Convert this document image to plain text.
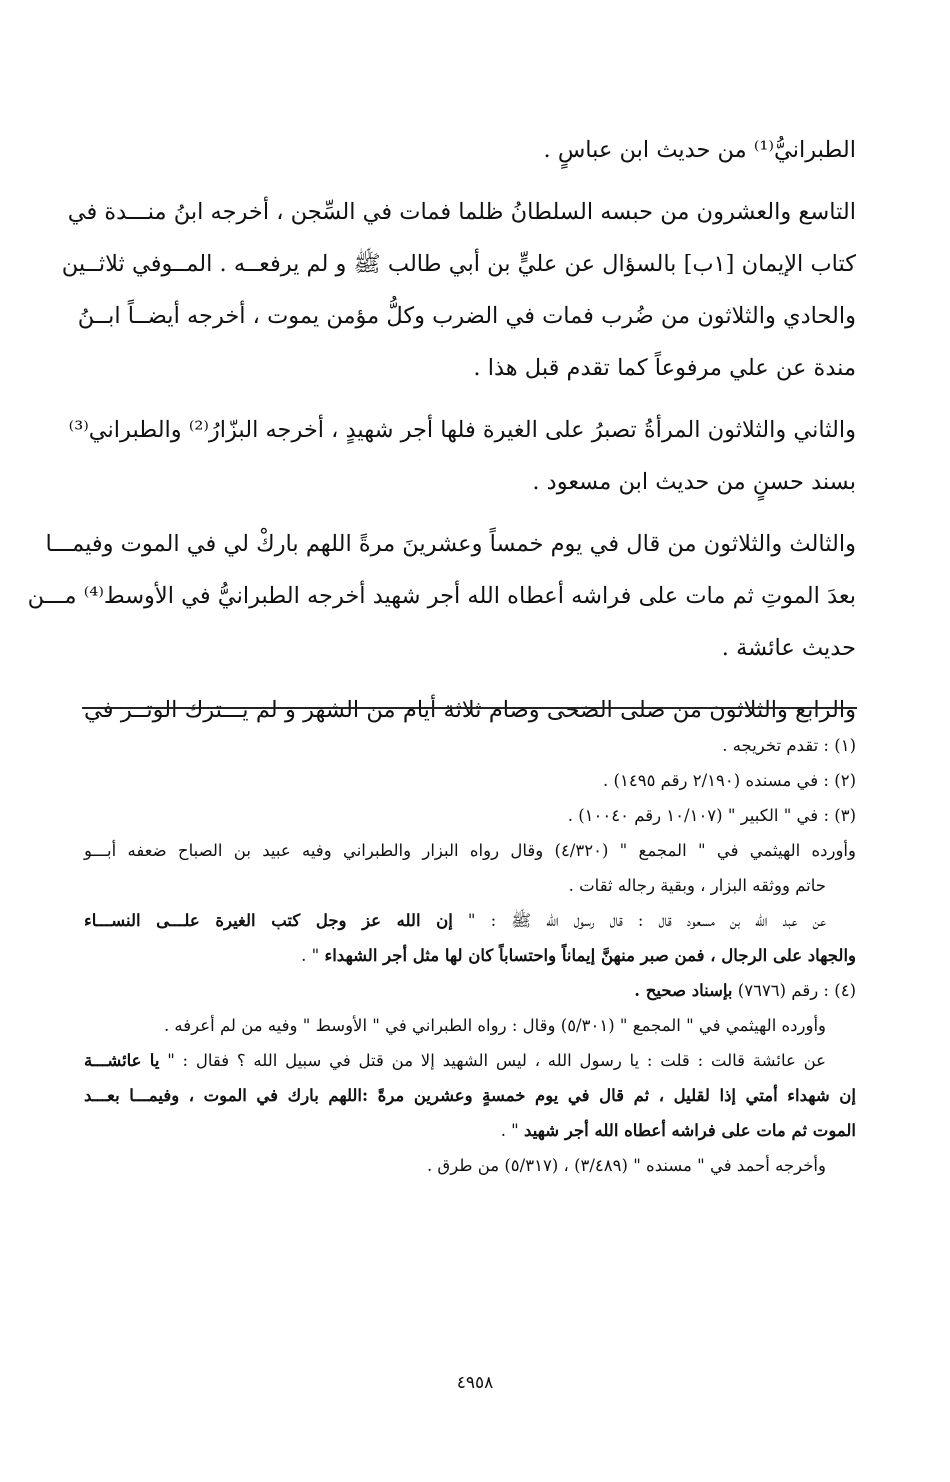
الطبرانيُّ⁽¹⁾ من حديث ابن عباسٍ .

التاسع والعشرون من حبسه السلطانُ ظلما فمات في السِّجن ، أخرجه ابنُ منـــدة في
كتاب الإيمان [١ب] بالسؤال عن عليٍّ بن أبي طالب ﷺ و لم يرفعــه . المــوفي ثلاثــين
والحادي والثلاثون من ضُرب فمات في الضرب وكلُّ مؤمن يموت ، أخرجه أيضــاً ابــنُ
مندة عن علي مرفوعاً كما تقدم قبل هذا .

والثاني والثلاثون المرأةُ تصبرُ على الغيرة فلها أجر شهيدٍ ، أخرجه البزّارُ⁽²⁾ والطبراني⁽³⁾
بسند حسنٍ من حديث ابن مسعود .

والثالث والثلاثون من قال في يوم خمساً وعشرينَ مرةً اللهم باركْ لي في الموت وفيمـــا
بعدَ الموتِ ثم مات على فراشه أعطاه الله أجر شهيد أخرجه الطبرانيُّ في الأوسط⁽⁴⁾ مـــن
حديث عائشة .

والرابع والثلاثون من صلى الضحى وصام ثلاثة أيام من الشهر و لم يـــترك الوتــر في

(١) : تقدم تخريجه .
(٢) : في مسنده (٢/١٩٠ رقم ١٤٩٥) .
(٣) : في " الكبير " (١٠/١٠٧ رقم ١٠٠٤٠) .
وأورده الهيثمي في " المجمع " (٤/٣٢٠) وقال رواه البزار والطبراني وفيه عبيد بن الصباح ضعفه أبـــو
حاتم ووثقه البزار ، وبقية رجاله ثقات .
عن عبد الله بن مسعود قال : قال رسول الله ﷺ : " إن الله عز وجل كتب الغيرة علـــى النســـاء
والجهاد على الرجال ، فمن صبر منهنَّ إيماناً واحتساباً كان لها مثل أجر الشهداء " .
(٤) : رقم (٧٦٧٦) بإسناد صحيح .
وأورده الهيثمي في " المجمع " (٥/٣٠١) وقال : رواه الطبراني في " الأوسط " وفيه من لم أعرفه .
عن عائشة قالت : قلت : يا رسول الله ، ليس الشهيد إلا من قتل في سبيل الله ؟ فقال : " يا عائشـــة
إن شهداء أمتي إذا لقليل ، ثم قال في يوم خمسةٍ وعشرين مرةً :اللهم بارك في الموت ، وفيمـــا بعـــد
الموت ثم مات على فراشه أعطاه الله أجر شهيد " .
وأخرجه أحمد في " مسنده " (٣/٤٨٩) ، (٥/٣١٧) من طرق .
٤٩٥٨
